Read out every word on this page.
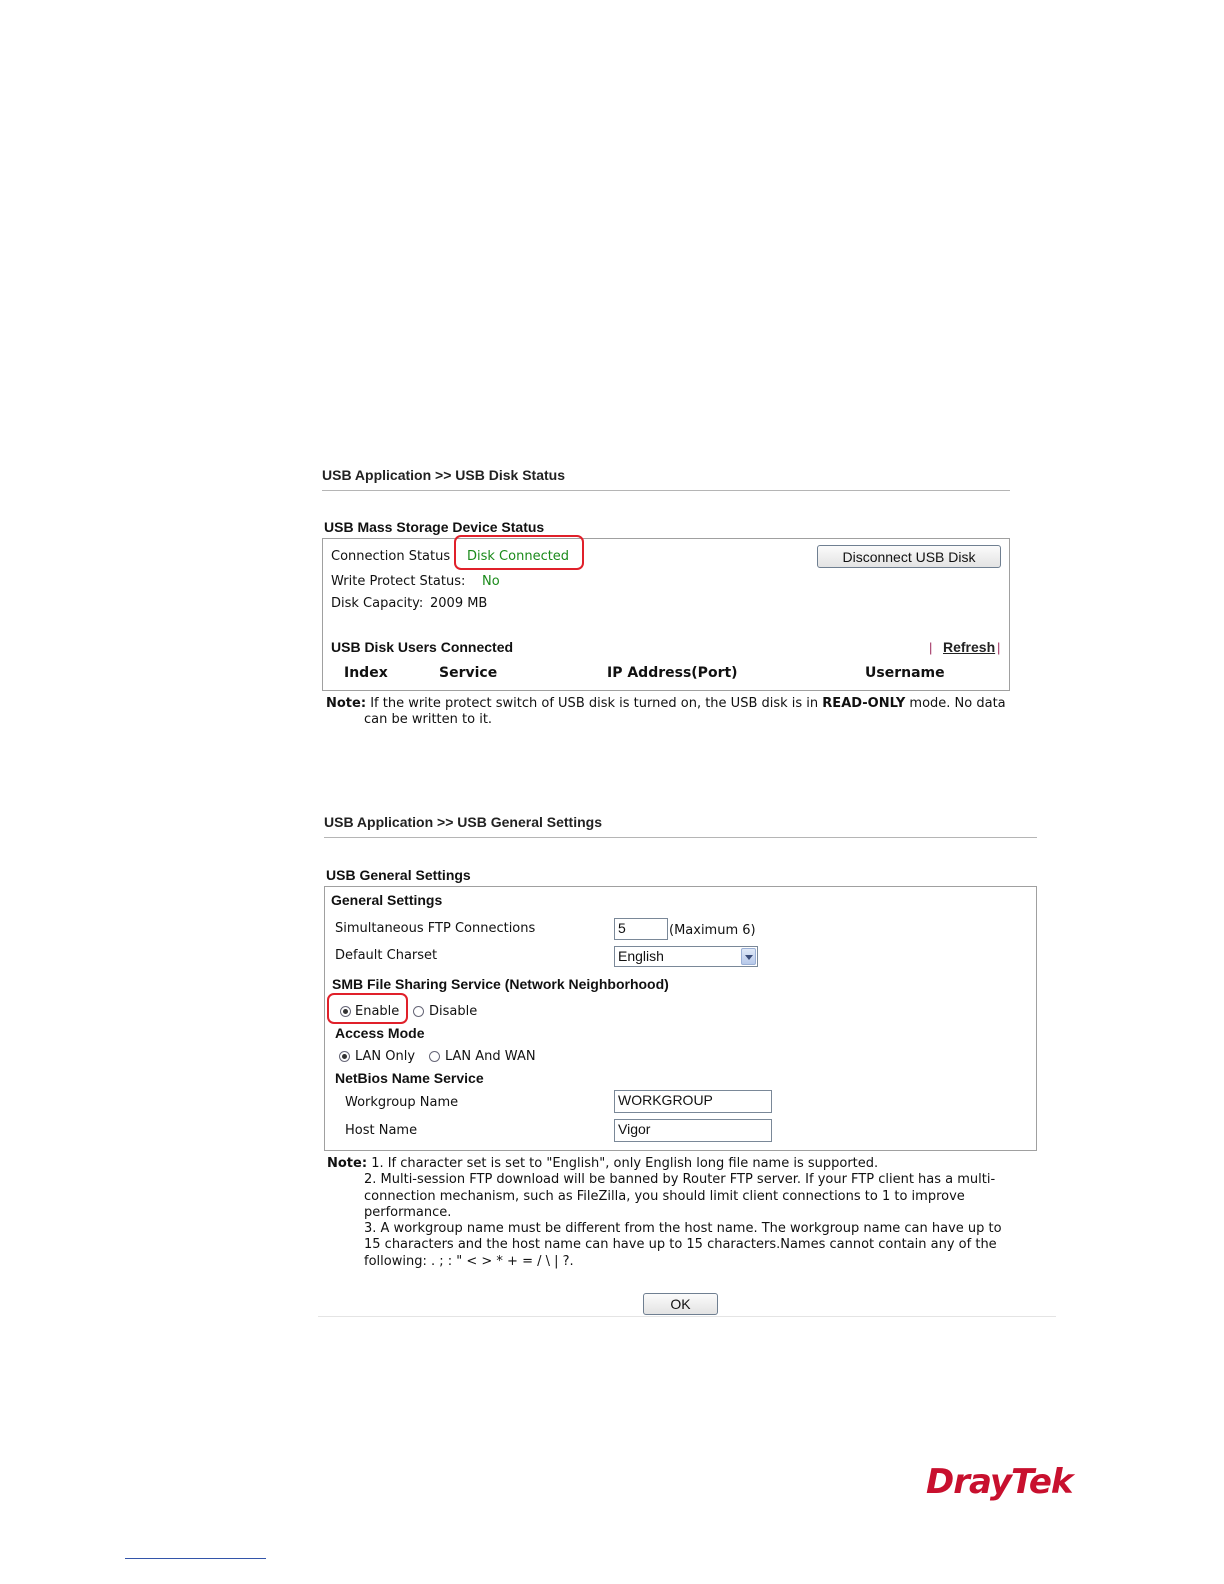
USB Application >> USB Disk Status
USB Mass Storage Device Status
Connection Status Disk Connected	Disconnect USB Disk
Write Protect Status: No
Disk Capacity: 2009 MB
USB Disk Users Connected	| Refresh |
Index	Service	IP Address(Port)	Username
Note: If the write protect switch of USB disk is turned on, the USB disk is in READ-ONLY mode. No data
can be written to it.
USB Application >> USB General Settings
USB General Settings
General Settings
Simultaneous FTP Connections	5	(Maximum 6)
Default Charset	English
SMB File Sharing Service (Network Neighborhood)
Enable Disable
Access Mode
LAN Only LAN And WAN
NetBios Name Service
Workgroup Name	WORKGROUP
Host Name	Vigor
Note: 1. If character set is set to "English", only English long file name is supported.
2. Multi-session FTP download will be banned by Router FTP server. If your FTP client has a multi-
connection mechanism, such as FileZilla, you should limit client connections to 1 to improve
performance.
3. A workgroup name must be different from the host name. The workgroup name can have up to
15 characters and the host name can have up to 15 characters.Names cannot contain any of the
following: . ; : " < > * + = / \ | ?.
OK
DrayTek
